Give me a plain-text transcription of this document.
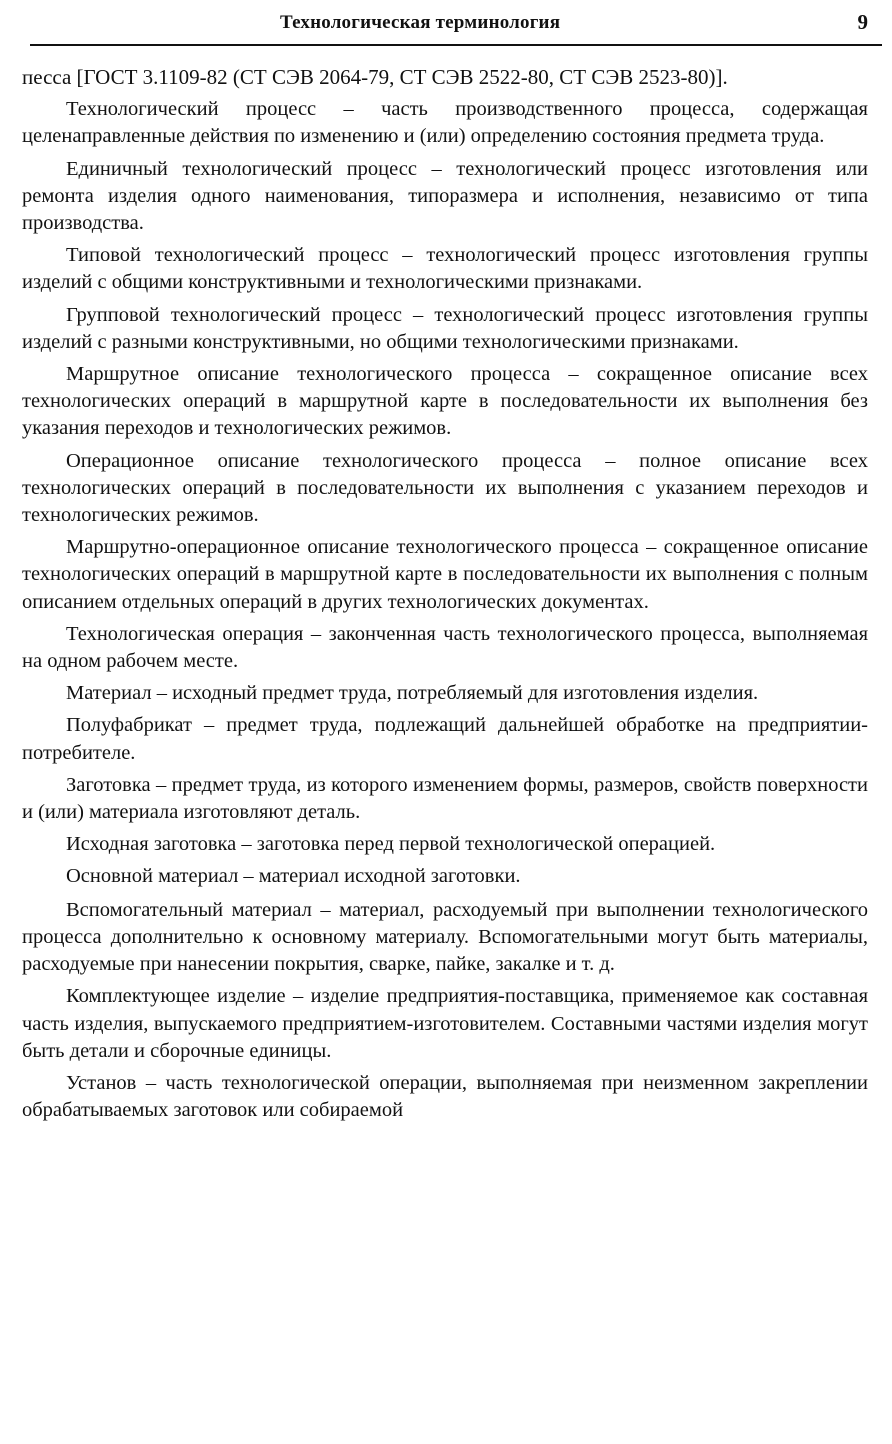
Технологическая терминология	9

песса [ГОСТ 3.1109-82 (СТ СЭВ 2064-79, СТ СЭВ 2522-80, СТ СЭВ 2523-80)].

Технологический процесс – часть производственного процесса, содержащая целенаправленные действия по изменению и (или) определению состояния предмета труда.

Единичный технологический процесс – технологический процесс изготовления или ремонта изделия одного наименования, типоразмера и исполнения, независимо от типа производства.

Типовой технологический процесс – технологический процесс изготовления группы изделий с общими конструктивными и технологическими признаками.

Групповой технологический процесс – технологический процесс изготовления группы изделий с разными конструктивными, но общими технологическими признаками.

Маршрутное описание технологического процесса – сокращенное описание всех технологических операций в маршрутной карте в последовательности их выполнения без указания переходов и технологических режимов.

Операционное описание технологического процесса – полное описание всех технологических операций в последовательности их выполнения с указанием переходов и технологических режимов.

Маршрутно-операционное описание технологического процесса – сокращенное описание технологических операций в маршрутной карте в последовательности их выполнения с полным описанием отдельных операций в других технологических документах.

Технологическая операция – законченная часть технологического процесса, выполняемая на одном рабочем месте.

Материал – исходный предмет труда, потребляемый для изготовления изделия.

Полуфабрикат – предмет труда, подлежащий дальнейшей обработке на предприятии-потребителе.

Заготовка – предмет труда, из которого изменением формы, размеров, свойств поверхности и (или) материала изготовляют деталь.

Исходная заготовка – заготовка перед первой технологической операцией.

Основной материал – материал исходной заготовки.

Вспомогательный материал – материал, расходуемый при выполнении технологического процесса дополнительно к основному материалу. Вспомогательными могут быть материалы, расходуемые при нанесении покрытия, сварке, пайке, закалке и т. д.

Комплектующее изделие – изделие предприятия-поставщика, применяемое как составная часть изделия, выпускаемого предприятием-изготовителем. Составными частями изделия могут быть детали и сборочные единицы.

Установ – часть технологической операции, выполняемая при неизменном закреплении обрабатываемых заготовок или собираемой
